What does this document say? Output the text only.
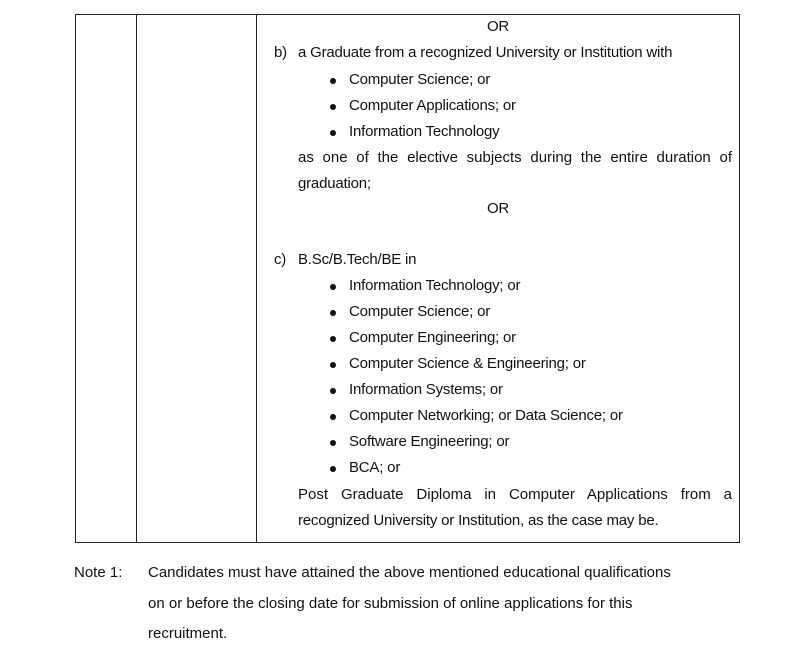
OR
b) a Graduate from a recognized University or Institution with
Computer Science; or
Computer Applications; or
Information Technology
as one of the elective subjects during the entire duration of
graduation;
OR
c) B.Sc/B.Tech/BE in
Information Technology; or
Computer Science; or
Computer Engineering; or
Computer Science & Engineering; or
Information Systems; or
Computer Networking; or Data Science; or
Software Engineering; or
BCA; or
Post Graduate Diploma in Computer Applications from a
recognized University or Institution, as the case may be.
Note 1: Candidates must have attained the above mentioned educational qualifications
on or before the closing date for submission of online applications for this
recruitment.
